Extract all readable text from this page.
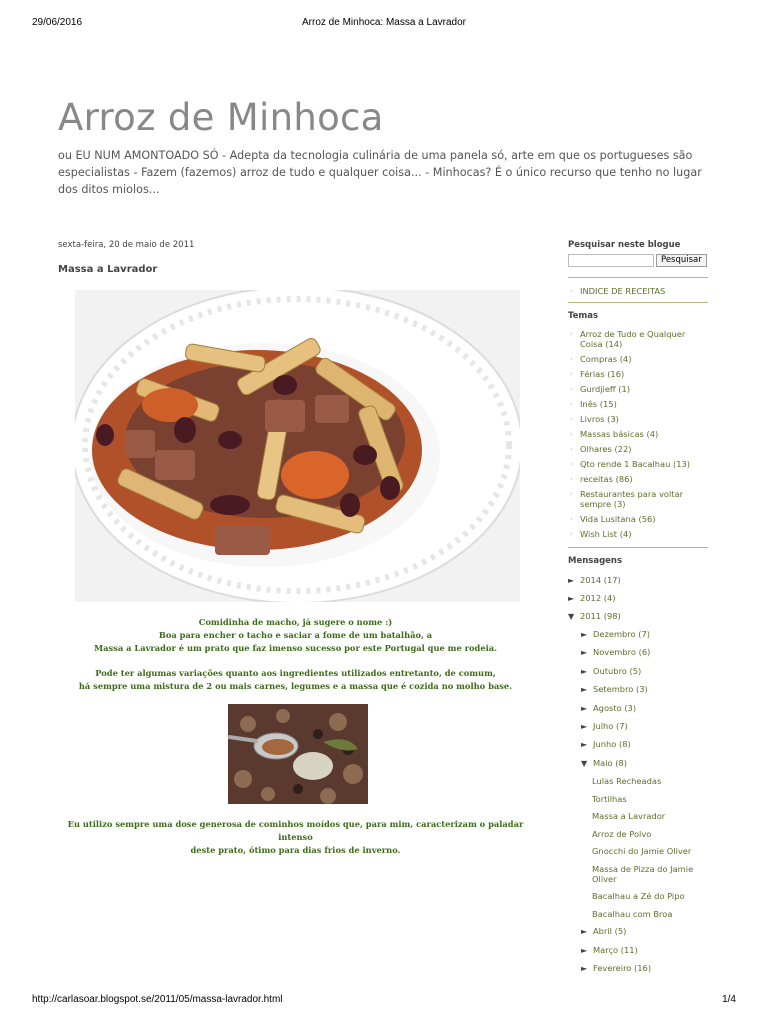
29/06/2016	Arroz de Minhoca: Massa a Lavrador
Arroz de Minhoca
ou EU NUM AMONTOADO SÓ - Adepta da tecnologia culinária de uma panela só, arte em que os portugueses são especialistas - Fazem (fazemos) arroz de tudo e qualquer coisa... - Minhocas? É o único recurso que tenho no lugar dos ditos miolos...
sexta-feira, 20 de maio de 2011
Massa a Lavrador
Comidinha de macho, já sugere o nome :)
Boa para encher o tacho e saciar a fome de um batalhão, a
Massa a Lavrador é um prato que faz imenso sucesso por este Portugal que me rodeia.
Pode ter algumas variações quanto aos ingredientes utilizados entretanto, de comum,
há sempre uma mistura de 2 ou mais carnes, legumes e a massa que é cozida no molho base.
Eu utilizo sempre uma dose generosa de cominhos moídos que, para mim, caracterizam o paladar intenso
deste prato, ótimo para dias frios de inverno.
Pesquisar neste blogue
Pesquisar
· INDICE DE RECEITAS
Temas
· Arroz de Tudo e Qualquer Coisa (14)
· Compras (4)
· Férias (16)
· Gurdjieff (1)
· Inês (15)
· Livros (3)
· Massas básicas (4)
· Olhares (22)
· Qto rende 1 Bacalhau (13)
· receitas (86)
· Restaurantes para voltar sempre (3)
· Vida Lusitana (56)
· Wish List (4)
Mensagens
► 2014 (17)
► 2012 (4)
▼ 2011 (98)
► Dezembro (7)
► Novembro (6)
► Outubro (5)
► Setembro (3)
► Agosto (3)
► Julho (7)
► Junho (8)
▼ Maio (8)
Lulas Recheadas
Tortilhas
Massa a Lavrador
Arroz de Polvo
Gnocchi do Jamie Oliver
Massa de Pizza do Jamie Oliver
Bacalhau a Zé do Pipo
Bacalhau com Broa
► Abril (5)
► Março (11)
► Fevereiro (16)
http://carlasoar.blogspot.se/2011/05/massa-lavrador.html	1/4
